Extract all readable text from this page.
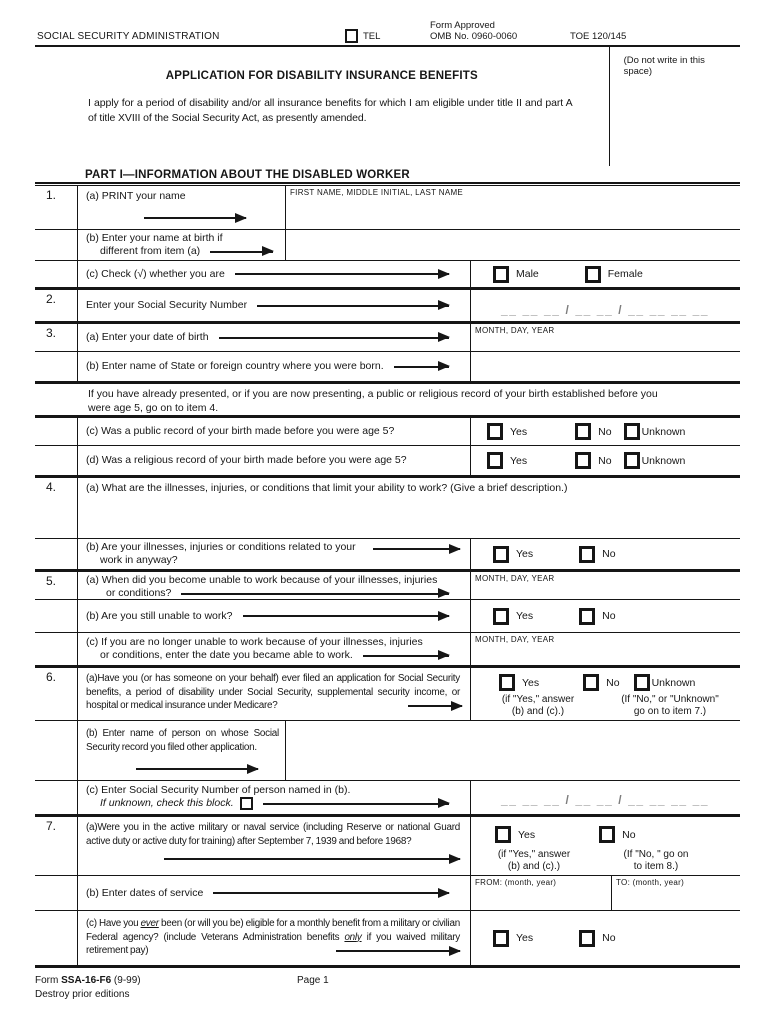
SOCIAL SECURITY ADMINISTRATION	TEL
Form Approved
OMB No. 0960-0060	TOE 120/145
APPLICATION FOR DISABILITY INSURANCE BENEFITS
I apply for a period of disability and/or all insurance benefits for which I am eligible under title II and part A of title XVIII of the Social Security Act, as presently amended.
(Do not write in this space)
PART I—INFORMATION ABOUT THE DISABLED WORKER
1.	(a) PRINT your name	FIRST NAME, MIDDLE INITIAL, LAST NAME
(b) Enter your name at birth if
different from item (a)
(c) Check (√) whether you are	Male	Female
2.	Enter your Social Security Number	__ __ __ / __ __ / __ __ __ __
3.	(a) Enter your date of birth
MONTH, DAY, YEAR
(b) Enter name of State or foreign country where you were born.
If you have already presented, or if you are now presenting, a public or religious record of your birth established before you were age 5, go on to item 4.
(c) Was a public record of your birth made before you were age 5?	Yes	No	Unknown
(d) Was a religious record of your birth made before you were age 5?	Yes	No	Unknown
4.	(a) What are the illnesses, injuries, or conditions that limit your ability to work? (Give a brief description.)
(b) Are your illnesses, injuries or conditions related to your
work in anyway?	Yes	No
5.	(a) When did you become unable to work because of your illnesses, injuries
or conditions?
MONTH, DAY, YEAR
(b) Are you still unable to work?	Yes	No
(c) If you are no longer unable to work because of your illnesses, injuries
or conditions, enter the date you became able to work.
MONTH, DAY, YEAR
6.	(a)Have you (or has someone on your behalf) ever filed an application for Social Security benefits, a period of disability under Social Security, supplemental security income, or hospital or medical insurance under Medicare?
Yes	No	Unknown
(if "Yes," answer
(b) and (c).)
(If "No," or "Unknown"
go on to item 7.)
(b) Enter name of person on whose Social Security record you filed other application.
(c) Enter Social Security Number of person named in (b).
If unknown, check this block.	__ __ __ / __ __ / __ __ __ __
7.	(a)Were you in the active military or naval service (including Reserve or national Guard active duty or active duty for training) after September 7, 1939 and before 1968?
Yes	No
(if "Yes," answer
(b) and (c).)
(If "No, " go on
to item 8.)
(b) Enter dates of service
FROM: (month, year)	TO: (month, year)
(c) Have you ever been (or will you be) eligible for a monthly benefit from a military or civilian Federal agency? (include Veterans Administration benefits only if you waived military retirement pay)
Yes	No
Form SSA-16-F6 (9-99)	Page 1
Destroy prior editions
